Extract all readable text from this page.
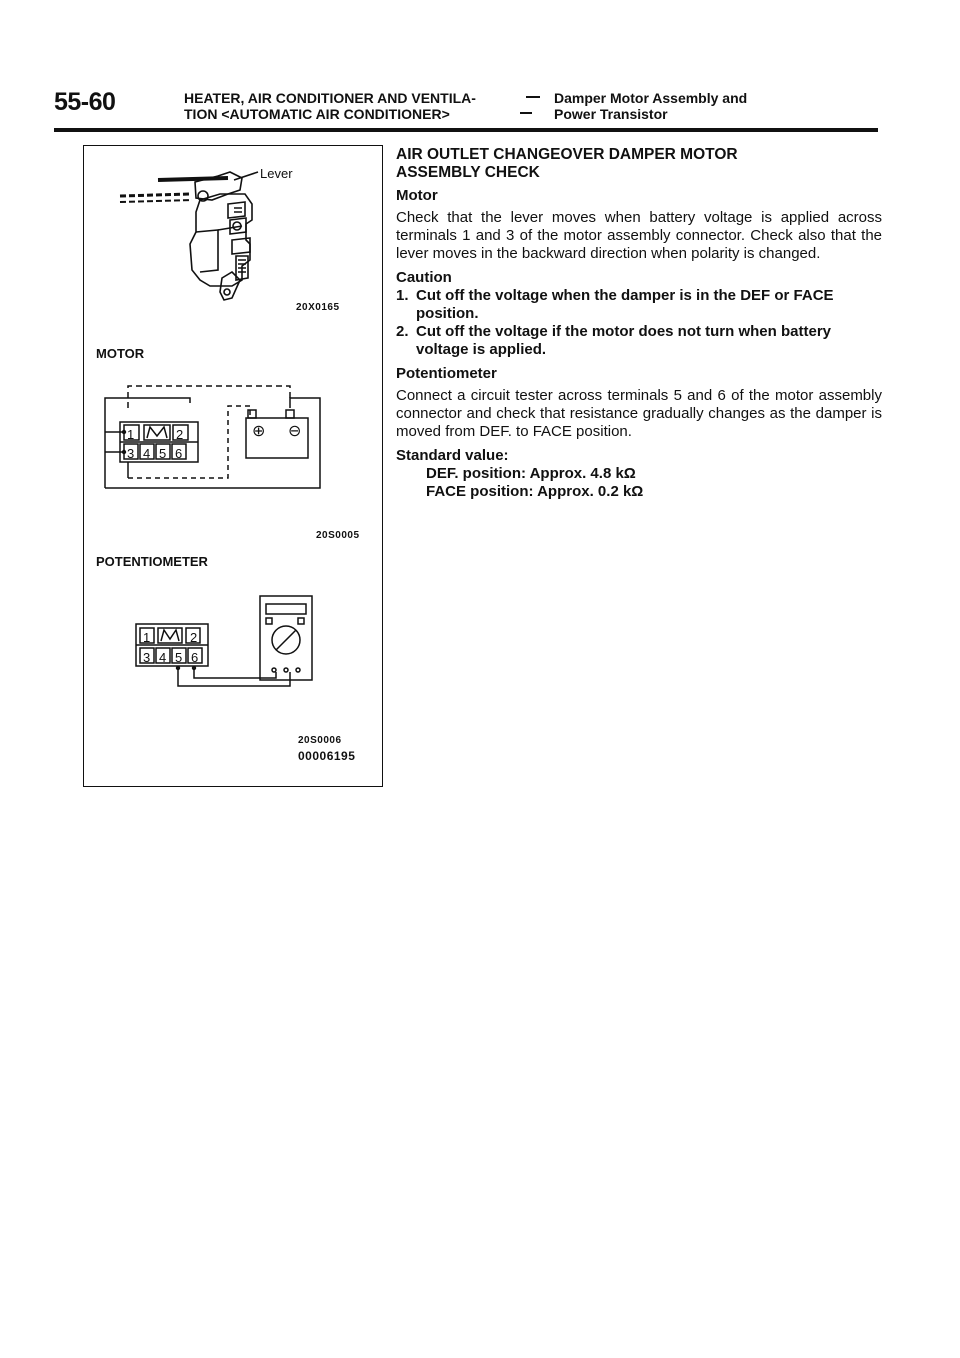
55-60	HEATER, AIR CONDITIONER AND VENTILA-
TION <AUTOMATIC AIR CONDITIONER>
Damper Motor Assembly and
Power Transistor
Lever
20X0165
MOTOR
1	2
3 4 5 6
⊕ ⊖
20S0005
POTENTIOMETER
1	2
3 4 5 6
20S0006
00006195
AIR OUTLET CHANGEOVER DAMPER MOTOR
ASSEMBLY CHECK
Motor

Check that the lever moves when battery voltage is applied across terminals 1 and 3 of the motor assembly connector. Check also that the lever moves in the backward direction when polarity is changed.

Caution
1. Cut off the voltage when the damper is in the DEF or FACE position.
2. Cut off the voltage if the motor does not turn when battery voltage is applied.
Potentiometer

Connect a circuit tester across terminals 5 and 6 of the motor assembly connector and check that resistance gradually changes as the damper is moved from DEF. to FACE position.

Standard value:
DEF. position: Approx. 4.8 kΩ
FACE position: Approx. 0.2 kΩ
